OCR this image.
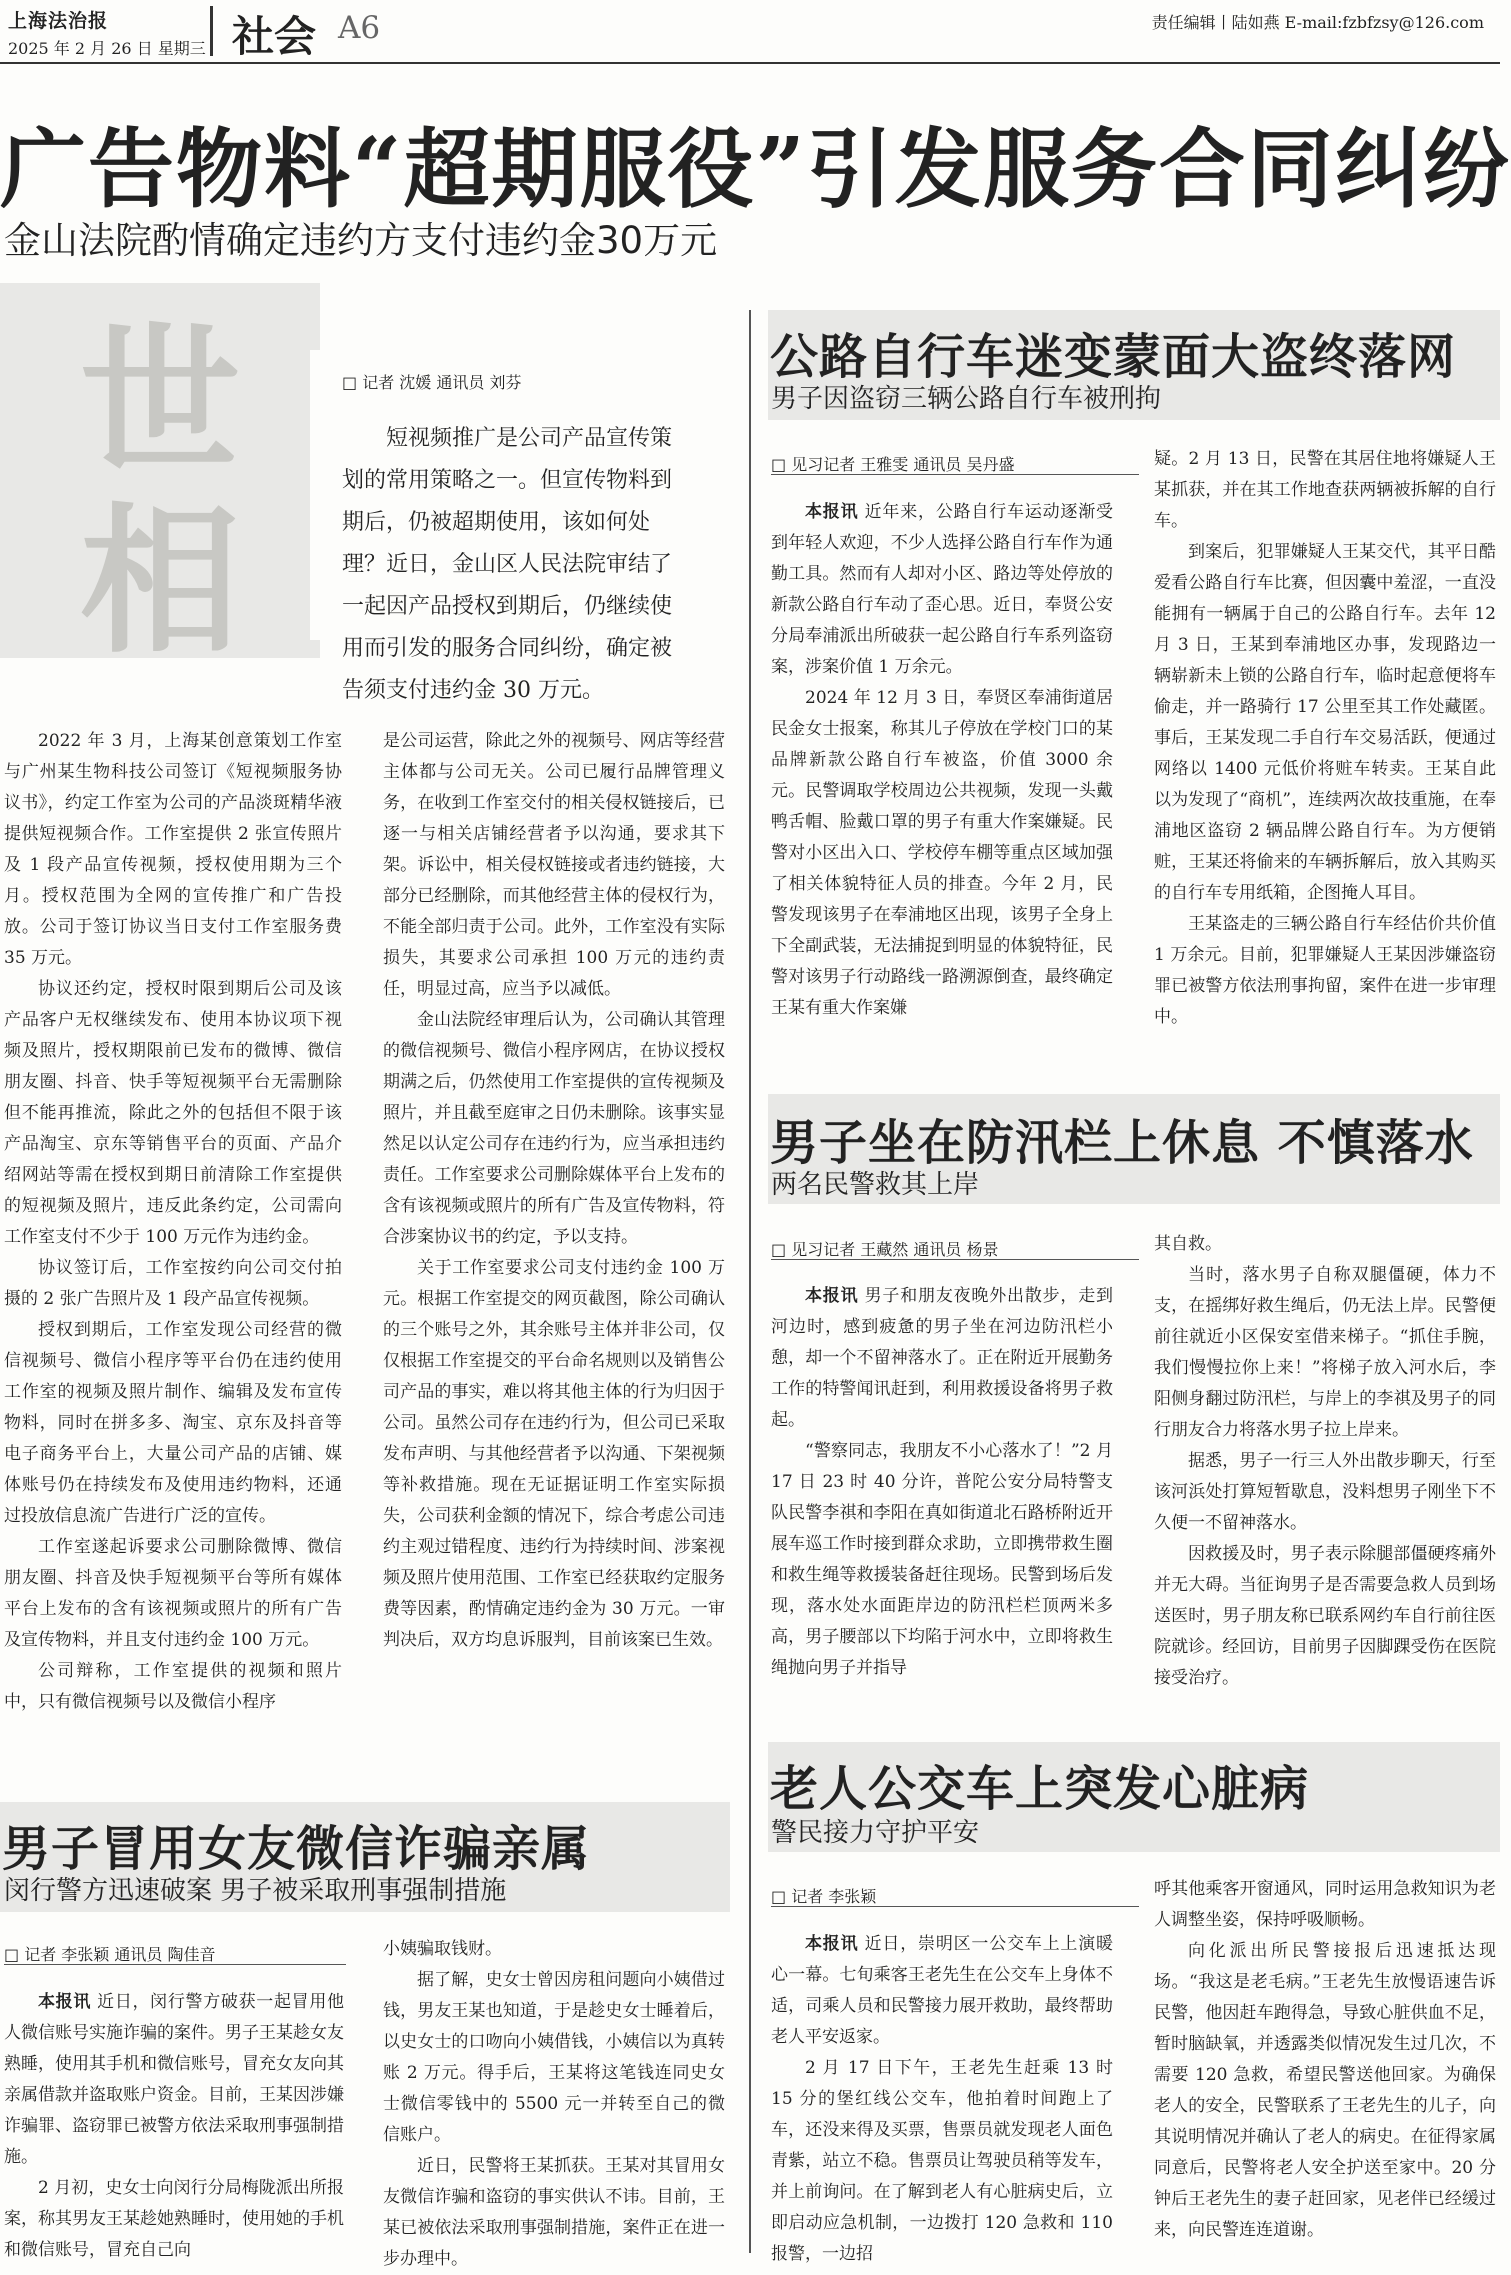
上海法治报
2025 年 2 月 26 日 星期三 社会 A6	责任编辑丨陆如燕 E-mail:fzbfzsy@126.com
广告物料“超期服役”引发服务合同纠纷
金山法院酌情确定违约方支付违约金30万元
世
相
□ 记者 沈媛 通讯员 刘芬
短视频推广是公司产品宣传策划的常用策略之一。但宣传物料到期后，仍被超期使用，该如何处理？近日，金山区人民法院审结了一起因产品授权到期后，仍继续使用而引发的服务合同纠纷，确定被告须支付违约金 30 万元。

2022 年 3 月，上海某创意策划工作室与广州某生物科技公司签订《短视频服务协议书》，约定工作室为公司的产品淡斑精华液提供短视频合作。工作室提供 2 张宣传照片及 1 段产品宣传视频，授权使用期为三个月。授权范围为全网的宣传推广和广告投放。公司于签订协议当日支付工作室服务费 35 万元。

协议还约定，授权时限到期后公司及该产品客户无权继续发布、使用本协议项下视频及照片，授权期限前已发布的微博、微信朋友圈、抖音、快手等短视频平台无需删除但不能再推流，除此之外的包括但不限于该产品淘宝、京东等销售平台的页面、产品介绍网站等需在授权到期日前清除工作室提供的短视频及照片，违反此条约定，公司需向工作室支付不少于 100 万元作为违约金。

协议签订后，工作室按约向公司交付拍摄的 2 张广告照片及 1 段产品宣传视频。

授权到期后，工作室发现公司经营的微信视频号、微信小程序等平台仍在违约使用工作室的视频及照片制作、编辑及发布宣传物料，同时在拼多多、淘宝、京东及抖音等电子商务平台上，大量公司产品的店铺、媒体账号仍在持续发布及使用违约物料，还通过投放信息流广告进行广泛的宣传。

工作室遂起诉要求公司删除微博、微信朋友圈、抖音及快手短视频平台等所有媒体平台上发布的含有该视频或照片的所有广告及宣传物料，并且支付违约金 100 万元。

公司辩称，工作室提供的视频和照片中，只有微信视频号以及微信小程序

是公司运营，除此之外的视频号、网店等经营主体都与公司无关。公司已履行品牌管理义务，在收到工作室交付的相关侵权链接后，已逐一与相关店铺经营者予以沟通，要求其下架。诉讼中，相关侵权链接或者违约链接，大部分已经删除，而其他经营主体的侵权行为，不能全部归责于公司。此外，工作室没有实际损失，其要求公司承担 100 万元的违约责任，明显过高，应当予以减低。

金山法院经审理后认为，公司确认其管理的微信视频号、微信小程序网店，在协议授权期满之后，仍然使用工作室提供的宣传视频及照片，并且截至庭审之日仍未删除。该事实显然足以认定公司存在违约行为，应当承担违约责任。工作室要求公司删除媒体平台上发布的含有该视频或照片的所有广告及宣传物料，符合涉案协议书的约定，予以支持。

关于工作室要求公司支付违约金 100 万元。根据工作室提交的网页截图，除公司确认的三个账号之外，其余账号主体并非公司，仅仅根据工作室提交的平台命名规则以及销售公司产品的事实，难以将其他主体的行为归因于公司。虽然公司存在违约行为，但公司已采取发布声明、与其他经营者予以沟通、下架视频等补救措施。现在无证据证明工作室实际损失，公司获利金额的情况下，综合考虑公司违约主观过错程度、违约行为持续时间、涉案视频及照片使用范围、工作室已经获取约定服务费等因素，酌情确定违约金为 30 万元。一审判决后，双方均息诉服判，目前该案已生效。

公路自行车迷变蒙面大盗终落网
男子因盗窃三辆公路自行车被刑拘
□ 见习记者 王雅雯 通讯员 吴丹盛

本报讯 近年来，公路自行车运动逐渐受到年轻人欢迎，不少人选择公路自行车作为通勤工具。然而有人却对小区、路边等处停放的新款公路自行车动了歪心思。近日，奉贤公安分局奉浦派出所破获一起公路自行车系列盗窃案，涉案价值 1 万余元。

2024 年 12 月 3 日，奉贤区奉浦街道居民金女士报案，称其儿子停放在学校门口的某品牌新款公路自行车被盗，价值 3000 余元。民警调取学校周边公共视频，发现一头戴鸭舌帽、脸戴口罩的男子有重大作案嫌疑。民警对小区出入口、学校停车棚等重点区域加强了相关体貌特征人员的排查。今年 2 月，民警发现该男子在奉浦地区出现，该男子全身上下全副武装，无法捕捉到明显的体貌特征，民警对该男子行动路线一路溯源倒查，最终确定王某有重大作案嫌

疑。2 月 13 日，民警在其居住地将嫌疑人王某抓获，并在其工作地查获两辆被拆解的自行车。

到案后，犯罪嫌疑人王某交代，其平日酷爱看公路自行车比赛，但因囊中羞涩，一直没能拥有一辆属于自己的公路自行车。去年 12 月 3 日，王某到奉浦地区办事，发现路边一辆崭新未上锁的公路自行车，临时起意便将车偷走，并一路骑行 17 公里至其工作处藏匿。事后，王某发现二手自行车交易活跃，便通过网络以 1400 元低价将赃车转卖。王某自此以为发现了“商机”，连续两次故技重施，在奉浦地区盗窃 2 辆品牌公路自行车。为方便销赃，王某还将偷来的车辆拆解后，放入其购买的自行车专用纸箱，企图掩人耳目。

王某盗走的三辆公路自行车经估价共价值 1 万余元。目前，犯罪嫌疑人王某因涉嫌盗窃罪已被警方依法刑事拘留，案件在进一步审理中。

男子坐在防汛栏上休息 不慎落水
两名民警救其上岸
□ 见习记者 王藏然 通讯员 杨景

本报讯 男子和朋友夜晚外出散步，走到河边时，感到疲惫的男子坐在河边防汛栏小憩，却一个不留神落水了。正在附近开展勤务工作的特警闻讯赶到，利用救援设备将男子救起。

“警察同志，我朋友不小心落水了！”2 月 17 日 23 时 40 分许，普陀公安分局特警支队民警李祺和李阳在真如街道北石路桥附近开展车巡工作时接到群众求助，立即携带救生圈和救生绳等救援装备赶往现场。民警到场后发现，落水处水面距岸边的防汛栏栏顶两米多高，男子腰部以下均陷于河水中，立即将救生绳抛向男子并指导

其自救。

当时，落水男子自称双腿僵硬，体力不支，在摇绑好救生绳后，仍无法上岸。民警便前往就近小区保安室借来梯子。“抓住手腕，我们慢慢拉你上来！”将梯子放入河水后，李阳侧身翻过防汛栏，与岸上的李祺及男子的同行朋友合力将落水男子拉上岸来。

据悉，男子一行三人外出散步聊天，行至该河浜处打算短暂歇息，没料想男子刚坐下不久便一不留神落水。

因救援及时，男子表示除腿部僵硬疼痛外并无大碍。当征询男子是否需要急救人员到场送医时，男子朋友称已联系网约车自行前往医院就诊。经回访，目前男子因脚踝受伤在医院接受治疗。

男子冒用女友微信诈骗亲属
闵行警方迅速破案 男子被采取刑事强制措施
□ 记者 李张颖 通讯员 陶佳音

本报讯 近日，闵行警方破获一起冒用他人微信账号实施诈骗的案件。男子王某趁女友熟睡，使用其手机和微信账号，冒充女友向其亲属借款并盗取账户资金。目前，王某因涉嫌诈骗罪、盗窃罪已被警方依法采取刑事强制措施。

2 月初，史女士向闵行分局梅陇派出所报案，称其男友王某趁她熟睡时，使用她的手机和微信账号，冒充自己向

小姨骗取钱财。

据了解，史女士曾因房租问题向小姨借过钱，男友王某也知道，于是趁史女士睡着后，以史女士的口吻向小姨借钱，小姨信以为真转账 2 万元。得手后，王某将这笔钱连同史女士微信零钱中的 5500 元一并转至自己的微信账户。

近日，民警将王某抓获。王某对其冒用女友微信诈骗和盗窃的事实供认不讳。目前，王某已被依法采取刑事强制措施，案件正在进一步办理中。

老人公交车上突发心脏病
警民接力守护平安
□ 记者 李张颖

本报讯 近日，崇明区一公交车上上演暖心一幕。七旬乘客王老先生在公交车上身体不适，司乘人员和民警接力展开救助，最终帮助老人平安返家。

2 月 17 日下午，王老先生赶乘 13 时 15 分的堡红线公交车，他拍着时间跑上了车，还没来得及买票，售票员就发现老人面色青紫，站立不稳。售票员让驾驶员稍等发车，并上前询问。在了解到老人有心脏病史后，立即启动应急机制，一边拨打 120 急救和 110 报警，一边招

呼其他乘客开窗通风，同时运用急救知识为老人调整坐姿，保持呼吸顺畅。

向化派出所民警接报后迅速抵达现场。“我这是老毛病。”王老先生放慢语速告诉民警，他因赶车跑得急，导致心脏供血不足，暂时脑缺氧，并透露类似情况发生过几次，不需要 120 急救，希望民警送他回家。为确保老人的安全，民警联系了王老先生的儿子，向其说明情况并确认了老人的病史。在征得家属同意后，民警将老人安全护送至家中。20 分钟后王老先生的妻子赶回家，见老伴已经缓过来，向民警连连道谢。
